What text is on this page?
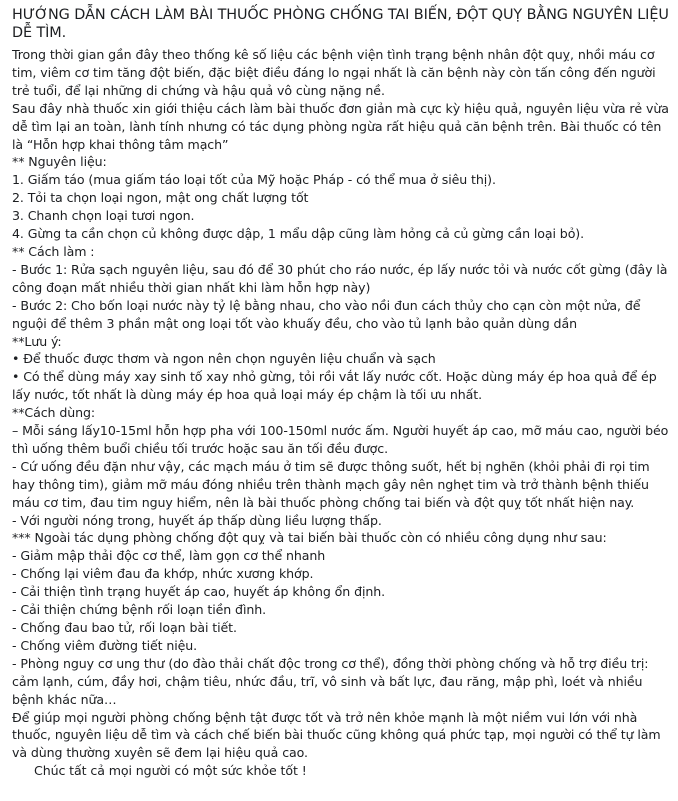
HƯỚNG DẪN CÁCH LÀM BÀI THUỐC PHÒNG CHỐNG TAI BIẾN, ĐỘT QUỴ BẰNG NGUYÊN LIỆU DỄ TÌM.

Trong thời gian gần đây theo thống kê số liệu các bệnh viện tình trạng bệnh nhân đột quỵ, nhồi máu cơ tim, viêm cơ tim tăng đột biến, đặc biệt điều đáng lo ngại nhất là căn bệnh này còn tấn công đến người trẻ tuổi, để lại những di chứng và hậu quả vô cùng nặng nề.

Sau đây nhà thuốc xin giới thiệu cách làm bài thuốc đơn giản mà cực kỳ hiệu quả, nguyên liệu vừa rẻ vừa dễ tìm lại an toàn, lành tính nhưng có tác dụng phòng ngừa rất hiệu quả căn bệnh trên. Bài thuốc có tên là “Hỗn hợp khai thông tâm mạch”

** Nguyên liệu:

1. Giấm táo (mua giấm táo loại tốt của Mỹ hoặc Pháp - có thể mua ở siêu thị).

2. Tỏi ta chọn loại ngon, mật ong chất lượng tốt

3. Chanh chọn loại tươi ngon.

4. Gừng ta cần chọn củ không được dập, 1 mẩu dập cũng làm hỏng cả củ gừng cần loại bỏ).

** Cách làm :

- Bước 1: Rửa sạch nguyên liệu, sau đó để 30 phút cho ráo nước, ép lấy nước tỏi và nước cốt gừng (đây là công đoạn mất nhiều thời gian nhất khi làm hỗn hợp này)

- Bước 2: Cho bốn loại nước này tỷ lệ bằng nhau, cho vào nồi đun cách thủy cho cạn còn một nửa, để nguội để thêm 3 phần mật ong loại tốt vào khuấy đều, cho vào tủ lạnh bảo quản dùng dần

**Lưu ý:

• Để thuốc được thơm và ngon nên chọn nguyên liệu chuẩn và sạch

• Có thể dùng máy xay sinh tố xay nhỏ gừng, tỏi rồi vắt lấy nước cốt. Hoặc dùng máy ép hoa quả để ép lấy nước, tốt nhất là dùng máy ép hoa quả loại máy ép chậm là tối ưu nhất.

**Cách dùng:

– Mỗi sáng lấy10-15ml hỗn hợp pha với 100-150ml nước ấm. Người huyết áp cao, mỡ máu cao, người béo thì uống thêm buổi chiều tối trước hoặc sau ăn tối đều được.

- Cứ uống đều đặn như vậy, các mạch máu ở tim sẽ được thông suốt, hết bị nghẽn (khỏi phải đi rọi tim hay thông tim), giảm mỡ máu đóng nhiều trên thành mạch gây nên nghẹt tim và trở thành bệnh thiếu máu cơ tim, đau tim nguy hiểm, nên là bài thuốc phòng chống tai biến và đột quỵ tốt nhất hiện nay.

- Với người nóng trong, huyết áp thấp dùng liều lượng thấp.

*** Ngoài tác dụng phòng chống đột quỵ và tai biến bài thuốc còn có nhiều công dụng như sau:

- Giảm mập thải độc cơ thể, làm gọn cơ thể nhanh

- Chống lại viêm đau đa khớp, nhức xương khớp.

- Cải thiện tình trạng huyết áp cao, huyết áp không ổn định.

- Cải thiện chứng bệnh rối loạn tiền đình.

- Chống đau bao tử, rối loạn bài tiết.

- Chống viêm đường tiết niệu.

- Phòng nguy cơ ung thư (do đào thải chất độc trong cơ thể), đồng thời phòng chống và hỗ trợ điều trị: cảm lạnh, cúm, đầy hơi, chậm tiêu, nhức đầu, trĩ, vô sinh và bất lực, đau răng, mập phì, loét và nhiều bệnh khác nữa…

Để giúp mọi người phòng chống bệnh tật được tốt và trở nên khỏe mạnh là một niềm vui lớn với nhà thuốc, nguyên liệu dễ tìm và cách chế biến bài thuốc cũng không quá phức tạp, mọi người có thể tự làm và dùng thường xuyên sẽ đem lại hiệu quả cao.

Chúc tất cả mọi người có một sức khỏe tốt !
